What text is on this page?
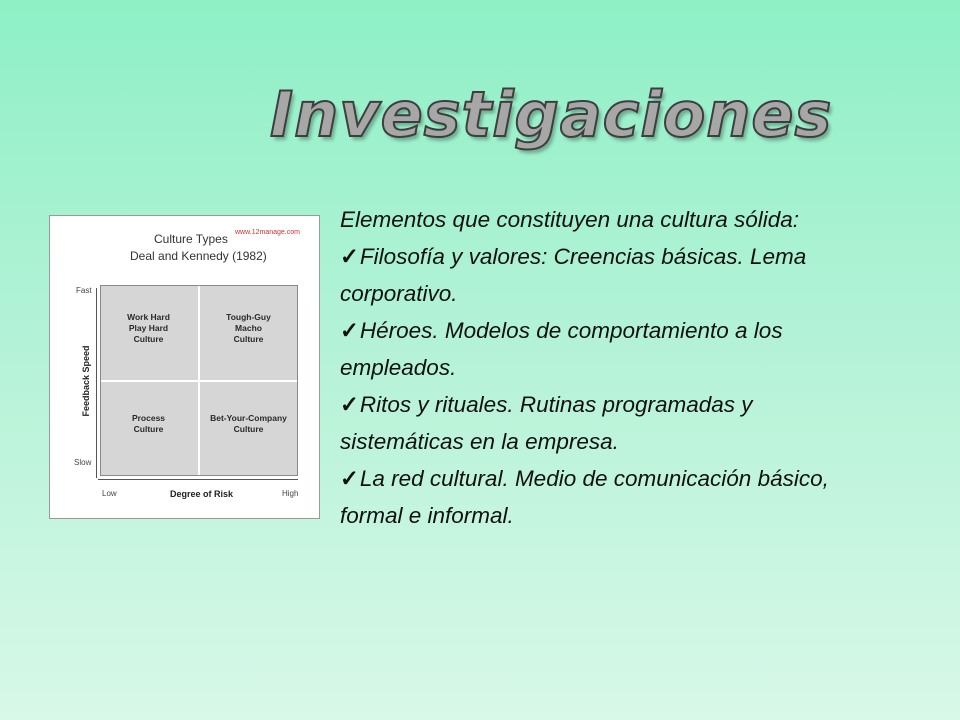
Investigaciones
www.12manage.com
Culture Types
Deal and Kennedy (1982)
Fast
Slow
Feedback Speed
Work Hard
Play Hard
Culture
Tough-Guy
Macho
Culture
Process
Culture
Bet-Your-Company
Culture
Low	Degree of Risk	High

Elementos que constituyen una cultura sólida:

✓Filosofía y valores: Creencias básicas. Lema

corporativo.

✓Héroes. Modelos de comportamiento a los

empleados.

✓Ritos y rituales. Rutinas programadas y

sistemáticas en la empresa.

✓La red cultural. Medio de comunicación básico,

formal e informal.
